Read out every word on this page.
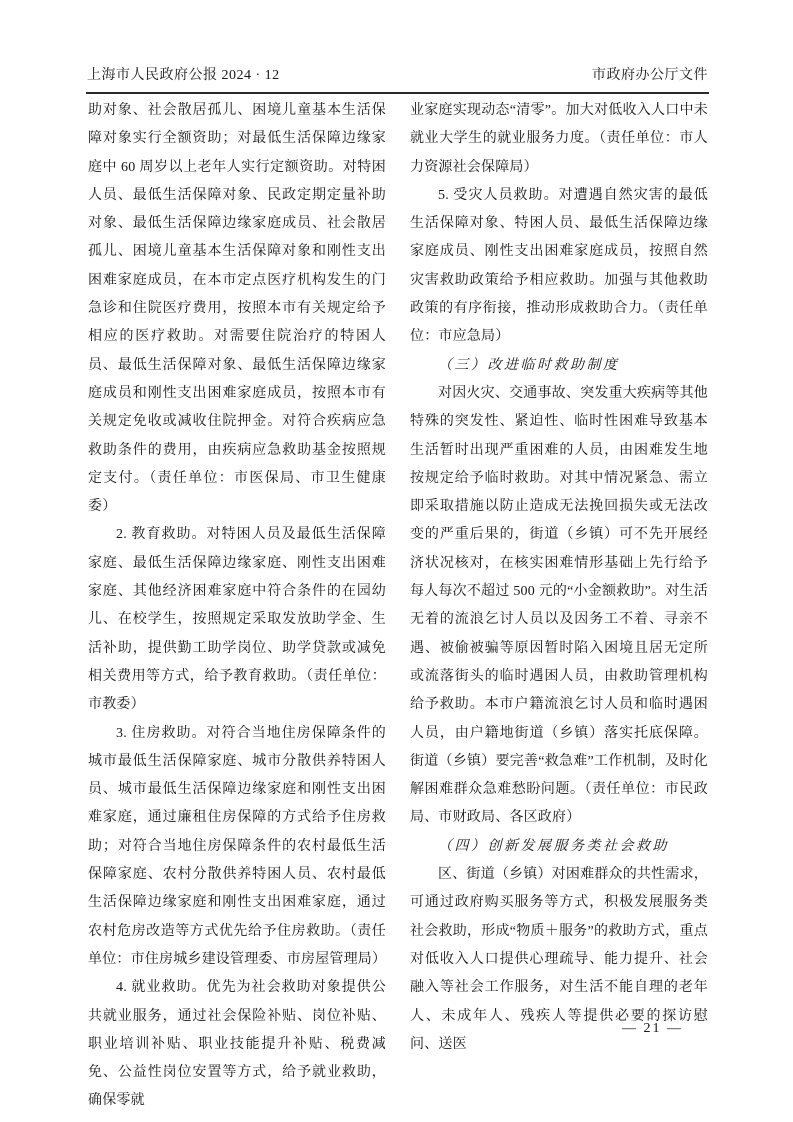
上海市人民政府公报 2024 · 12	市政府办公厅文件

助对象、社会散居孤儿、困境儿童基本生活保障对象实行全额资助；对最低生活保障边缘家庭中 60 周岁以上老年人实行定额资助。对特困人员、最低生活保障对象、民政定期定量补助对象、最低生活保障边缘家庭成员、社会散居孤儿、困境儿童基本生活保障对象和刚性支出困难家庭成员，在本市定点医疗机构发生的门急诊和住院医疗费用，按照本市有关规定给予相应的医疗救助。对需要住院治疗的特困人员、最低生活保障对象、最低生活保障边缘家庭成员和刚性支出困难家庭成员，按照本市有关规定免收或减收住院押金。对符合疾病应急救助条件的费用，由疾病应急救助基金按照规定支付。（责任单位：市医保局、市卫生健康委）

2. 教育救助。对特困人员及最低生活保障家庭、最低生活保障边缘家庭、刚性支出困难家庭、其他经济困难家庭中符合条件的在园幼儿、在校学生，按照规定采取发放助学金、生活补助，提供勤工助学岗位、助学贷款或减免相关费用等方式，给予教育救助。（责任单位：市教委）

3. 住房救助。对符合当地住房保障条件的城市最低生活保障家庭、城市分散供养特困人员、城市最低生活保障边缘家庭和刚性支出困难家庭，通过廉租住房保障的方式给予住房救助；对符合当地住房保障条件的农村最低生活保障家庭、农村分散供养特困人员、农村最低生活保障边缘家庭和刚性支出困难家庭，通过农村危房改造等方式优先给予住房救助。（责任单位：市住房城乡建设管理委、市房屋管理局）

4. 就业救助。优先为社会救助对象提供公共就业服务，通过社会保险补贴、岗位补贴、职业培训补贴、职业技能提升补贴、税费减免、公益性岗位安置等方式，给予就业救助，确保零就

业家庭实现动态“清零”。加大对低收入人口中未就业大学生的就业服务力度。（责任单位：市人力资源社会保障局）

5. 受灾人员救助。对遭遇自然灾害的最低生活保障对象、特困人员、最低生活保障边缘家庭成员、刚性支出困难家庭成员，按照自然灾害救助政策给予相应救助。加强与其他救助政策的有序衔接，推动形成救助合力。（责任单位：市应急局）

（三）改进临时救助制度

对因火灾、交通事故、突发重大疾病等其他特殊的突发性、紧迫性、临时性困难导致基本生活暂时出现严重困难的人员，由困难发生地按规定给予临时救助。对其中情况紧急、需立即采取措施以防止造成无法挽回损失或无法改变的严重后果的，街道（乡镇）可不先开展经济状况核对，在核实困难情形基础上先行给予每人每次不超过 500 元的“小金额救助”。对生活无着的流浪乞讨人员以及因务工不着、寻亲不遇、被偷被骗等原因暂时陷入困境且居无定所或流落街头的临时遇困人员，由救助管理机构给予救助。本市户籍流浪乞讨人员和临时遇困人员，由户籍地街道（乡镇）落实托底保障。街道（乡镇）要完善“救急难”工作机制，及时化解困难群众急难愁盼问题。（责任单位：市民政局、市财政局、各区政府）

（四）创新发展服务类社会救助

区、街道（乡镇）对困难群众的共性需求，可通过政府购买服务等方式，积极发展服务类社会救助，形成“物质＋服务”的救助方式，重点对低收入人口提供心理疏导、能力提升、社会融入等社会工作服务，对生活不能自理的老年人、未成年人、残疾人等提供必要的探访慰问、送医

— 21 —
